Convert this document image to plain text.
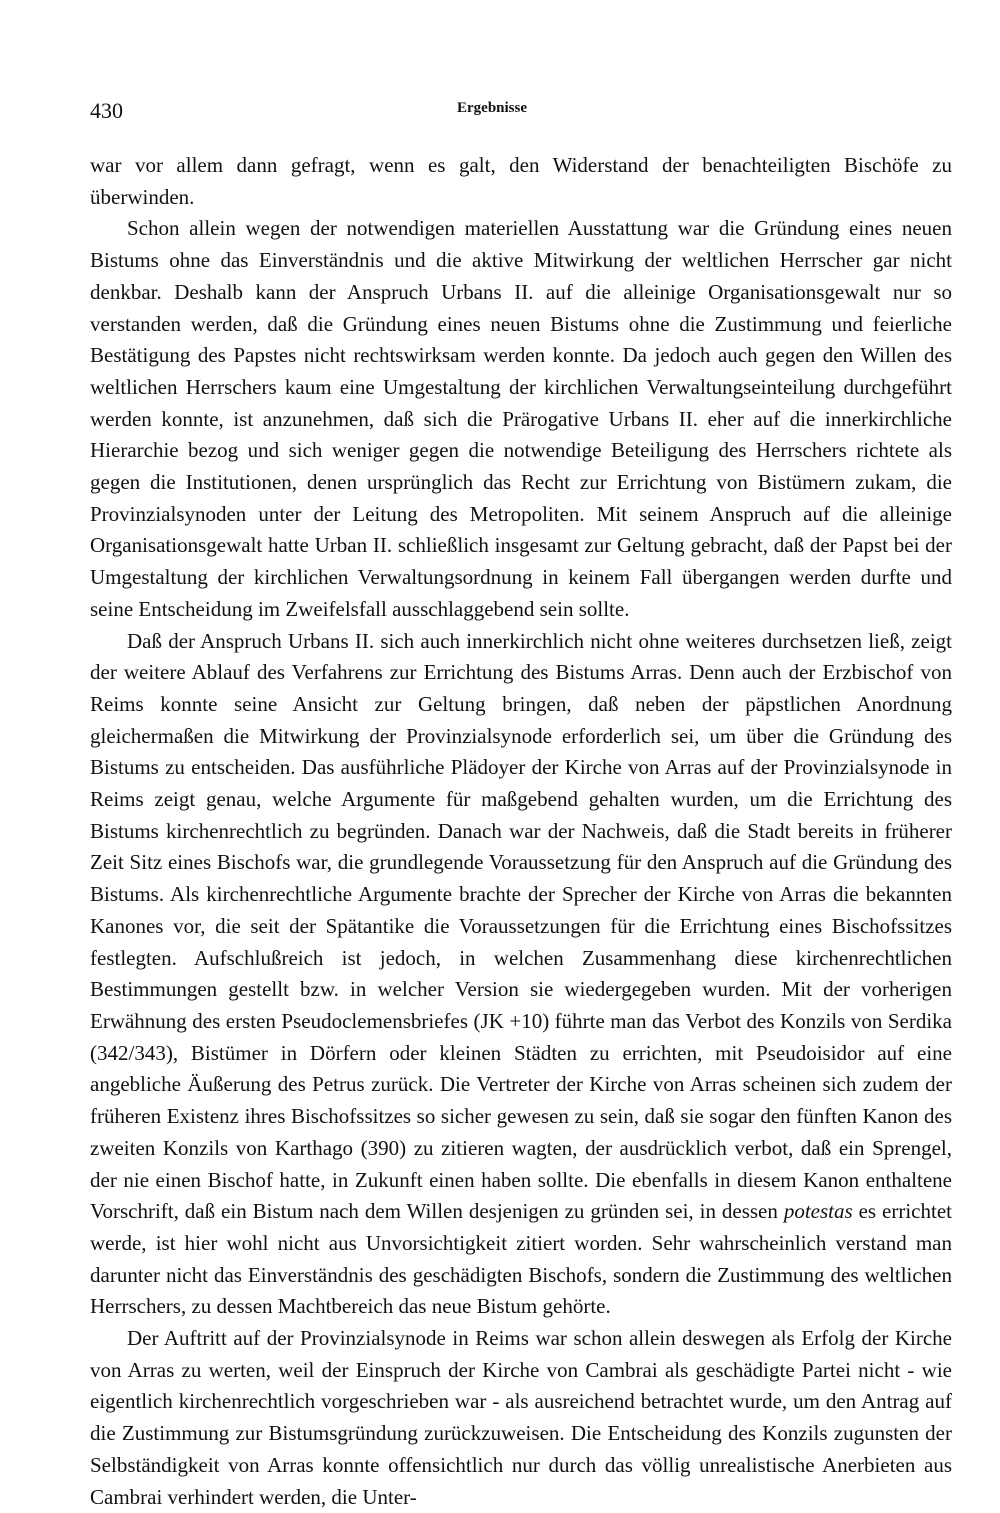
430	Ergebnisse

war vor allem dann gefragt, wenn es galt, den Widerstand der benachteiligten Bischöfe zu überwinden.

Schon allein wegen der notwendigen materiellen Ausstattung war die Gründung eines neuen Bistums ohne das Einverständnis und die aktive Mitwirkung der weltlichen Herrscher gar nicht denkbar. Deshalb kann der Anspruch Urbans II. auf die alleinige Organisationsgewalt nur so verstanden werden, daß die Gründung eines neuen Bistums ohne die Zustimmung und feierliche Bestätigung des Papstes nicht rechtswirksam werden konnte. Da jedoch auch gegen den Willen des weltlichen Herrschers kaum eine Umgestaltung der kirchlichen Verwaltungseinteilung durchgeführt werden konnte, ist anzunehmen, daß sich die Prärogative Urbans II. eher auf die innerkirchliche Hierarchie bezog und sich weniger gegen die notwendige Beteiligung des Herrschers richtete als gegen die Institutionen, denen ursprünglich das Recht zur Errichtung von Bistümern zukam, die Provinzialsynoden unter der Leitung des Metropoliten. Mit seinem Anspruch auf die alleinige Organisationsgewalt hatte Urban II. schließlich insgesamt zur Geltung gebracht, daß der Papst bei der Umgestaltung der kirchlichen Verwaltungsordnung in keinem Fall übergangen werden durfte und seine Entscheidung im Zweifelsfall ausschlaggebend sein sollte.

Daß der Anspruch Urbans II. sich auch innerkirchlich nicht ohne weiteres durchsetzen ließ, zeigt der weitere Ablauf des Verfahrens zur Errichtung des Bistums Arras. Denn auch der Erzbischof von Reims konnte seine Ansicht zur Geltung bringen, daß neben der päpstlichen Anordnung gleichermaßen die Mitwirkung der Provinzialsynode erforderlich sei, um über die Gründung des Bistums zu entscheiden. Das ausführliche Plädoyer der Kirche von Arras auf der Provinzialsynode in Reims zeigt genau, welche Argumente für maßgebend gehalten wurden, um die Errichtung des Bistums kirchenrechtlich zu begründen. Danach war der Nachweis, daß die Stadt bereits in früherer Zeit Sitz eines Bischofs war, die grundlegende Voraussetzung für den Anspruch auf die Gründung des Bistums. Als kirchenrechtliche Argumente brachte der Sprecher der Kirche von Arras die bekannten Kanones vor, die seit der Spätantike die Voraussetzungen für die Errichtung eines Bischofssitzes festlegten. Aufschlußreich ist jedoch, in welchen Zusammenhang diese kirchenrechtlichen Bestimmungen gestellt bzw. in welcher Version sie wiedergegeben wurden. Mit der vorherigen Erwähnung des ersten Pseudoclemensbriefes (JK +10) führte man das Verbot des Konzils von Serdika (342/343), Bistümer in Dörfern oder kleinen Städten zu errichten, mit Pseudoisidor auf eine angebliche Äußerung des Petrus zurück. Die Vertreter der Kirche von Arras scheinen sich zudem der früheren Existenz ihres Bischofssitzes so sicher gewesen zu sein, daß sie sogar den fünften Kanon des zweiten Konzils von Karthago (390) zu zitieren wagten, der ausdrücklich verbot, daß ein Sprengel, der nie einen Bischof hatte, in Zukunft einen haben sollte. Die ebenfalls in diesem Kanon enthaltene Vorschrift, daß ein Bistum nach dem Willen desjenigen zu gründen sei, in dessen potestas es errichtet werde, ist hier wohl nicht aus Unvorsichtigkeit zitiert worden. Sehr wahrscheinlich verstand man darunter nicht das Einverständnis des geschädigten Bischofs, sondern die Zustimmung des weltlichen Herrschers, zu dessen Machtbereich das neue Bistum gehörte.

Der Auftritt auf der Provinzialsynode in Reims war schon allein deswegen als Erfolg der Kirche von Arras zu werten, weil der Einspruch der Kirche von Cambrai als geschädigte Partei nicht - wie eigentlich kirchenrechtlich vorgeschrieben war - als ausreichend betrachtet wurde, um den Antrag auf die Zustimmung zur Bistumsgründung zurückzuweisen. Die Entscheidung des Konzils zugunsten der Selbständigkeit von Arras konnte offensichtlich nur durch das völlig unrealistische Anerbieten aus Cambrai verhindert werden, die Unter-
